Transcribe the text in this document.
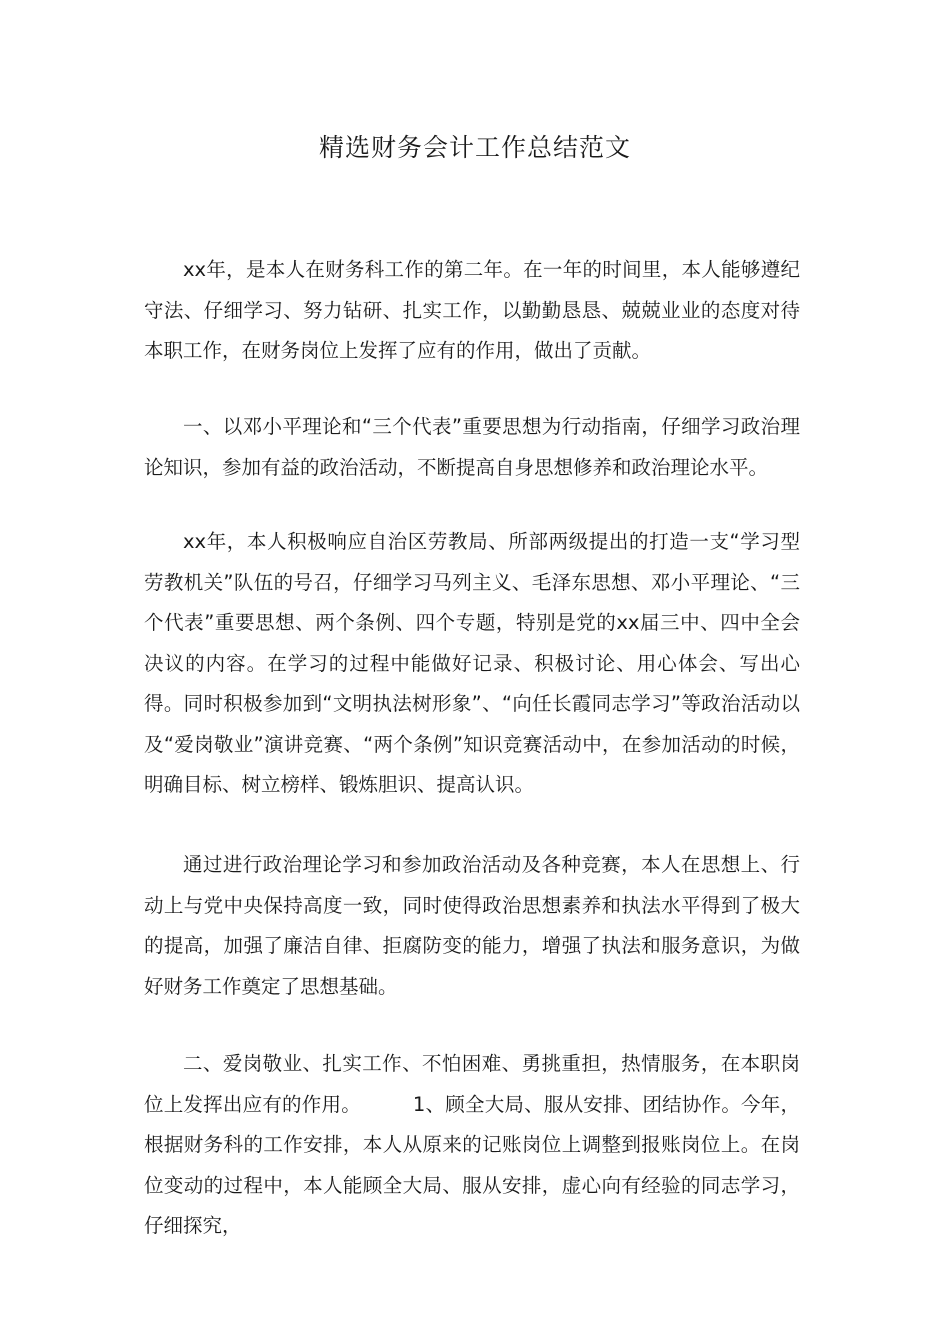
精选财务会计工作总结范文

xx年，是本人在财务科工作的第二年。在一年的时间里，本人能够遵纪守法、仔细学习、努力钻研、扎实工作，以勤勤恳恳、兢兢业业的态度对待本职工作，在财务岗位上发挥了应有的作用，做出了贡献。

一、以邓小平理论和“三个代表”重要思想为行动指南，仔细学习政治理论知识，参加有益的政治活动，不断提高自身思想修养和政治理论水平。

xx年，本人积极响应自治区劳教局、所部两级提出的打造一支“学习型劳教机关”队伍的号召，仔细学习马列主义、毛泽东思想、邓小平理论、“三个代表”重要思想、两个条例、四个专题，特别是党的xx届三中、四中全会决议的内容。在学习的过程中能做好记录、积极讨论、用心体会、写出心得。同时积极参加到“文明执法树形象”、“向任长霞同志学习”等政治活动以及“爱岗敬业”演讲竞赛、“两个条例”知识竞赛活动中，在参加活动的时候，明确目标、树立榜样、锻炼胆识、提高认识。

通过进行政治理论学习和参加政治活动及各种竞赛，本人在思想上、行动上与党中央保持高度一致，同时使得政治思想素养和执法水平得到了极大的提高，加强了廉洁自律、拒腐防变的能力，增强了执法和服务意识，为做好财务工作奠定了思想基础。

二、爱岗敬业、扎实工作、不怕困难、勇挑重担，热情服务，在本职岗位上发挥出应有的作用。	1、顾全大局、服从安排、团结协作。今年，根据财务科的工作安排，本人从原来的记账岗位上调整到报账岗位上。在岗位变动的过程中，本人能顾全大局、服从安排，虚心向有经验的同志学习，仔细探究，
